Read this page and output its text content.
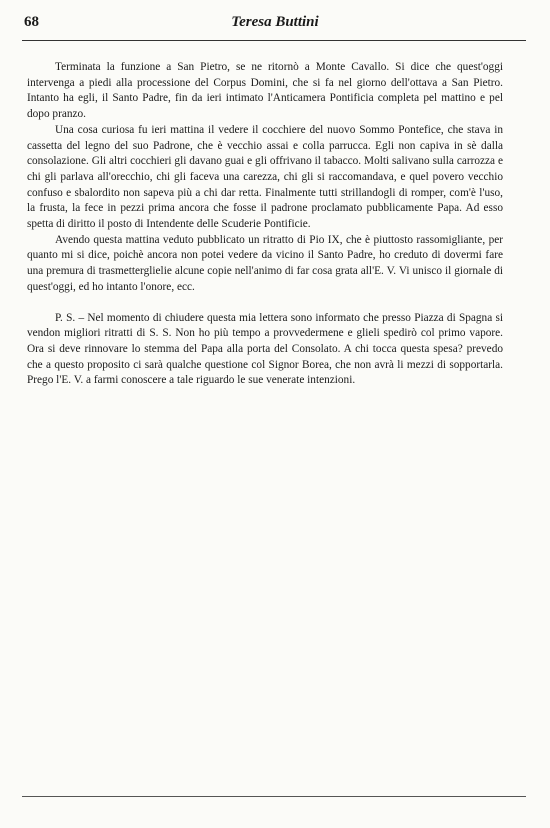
68	Teresa Buttini

Terminata la funzione a San Pietro, se ne ritornò a Monte Cavallo. Si dice che quest'oggi intervenga a piedi alla processione del Corpus Domini, che si fa nel giorno dell'ottava a San Pietro. Intanto ha egli, il Santo Padre, fin da ieri intimato l'Anticamera Pontificia completa pel mattino e pel dopo pranzo.

Una cosa curiosa fu ieri mattina il vedere il cocchiere del nuovo Sommo Pontefice, che stava in cassetta del legno del suo Padrone, che è vecchio assai e colla parrucca. Egli non capiva in sè dalla consolazione. Gli altri cocchieri gli davano guai e gli offrivano il tabacco. Molti salivano sulla carrozza e chi gli parlava all'orecchio, chi gli faceva una carezza, chi gli si raccomandava, e quel povero vecchio confuso e sbalordito non sapeva più a chi dar retta. Finalmente tutti strillandogli di romper, com'è l'uso, la frusta, la fece in pezzi prima ancora che fosse il padrone proclamato pubblicamente Papa. Ad esso spetta di diritto il posto di Intendente delle Scuderie Pontificie.

Avendo questa mattina veduto pubblicato un ritratto di Pio IX, che è piuttosto rassomigliante, per quanto mi si dice, poichè ancora non potei vedere da vicino il Santo Padre, ho creduto di dovermi fare una premura di trasmetterglielie alcune copie nell'animo di far cosa grata all'E. V. Vi unisco il giornale di quest'oggi, ed ho intanto l'onore, ecc.

P. S. – Nel momento di chiudere questa mia lettera sono informato che presso Piazza di Spagna si vendon migliori ritratti di S. S. Non ho più tempo a provvedermene e glieli spedirò col primo vapore. Ora si deve rinnovare lo stemma del Papa alla porta del Consolato. A chi tocca questa spesa? prevedo che a questo proposito ci sarà qualche questione col Signor Borea, che non avrà li mezzi di sopportarla. Prego l'E. V. a farmi conoscere a tale riguardo le sue venerate intenzioni.
